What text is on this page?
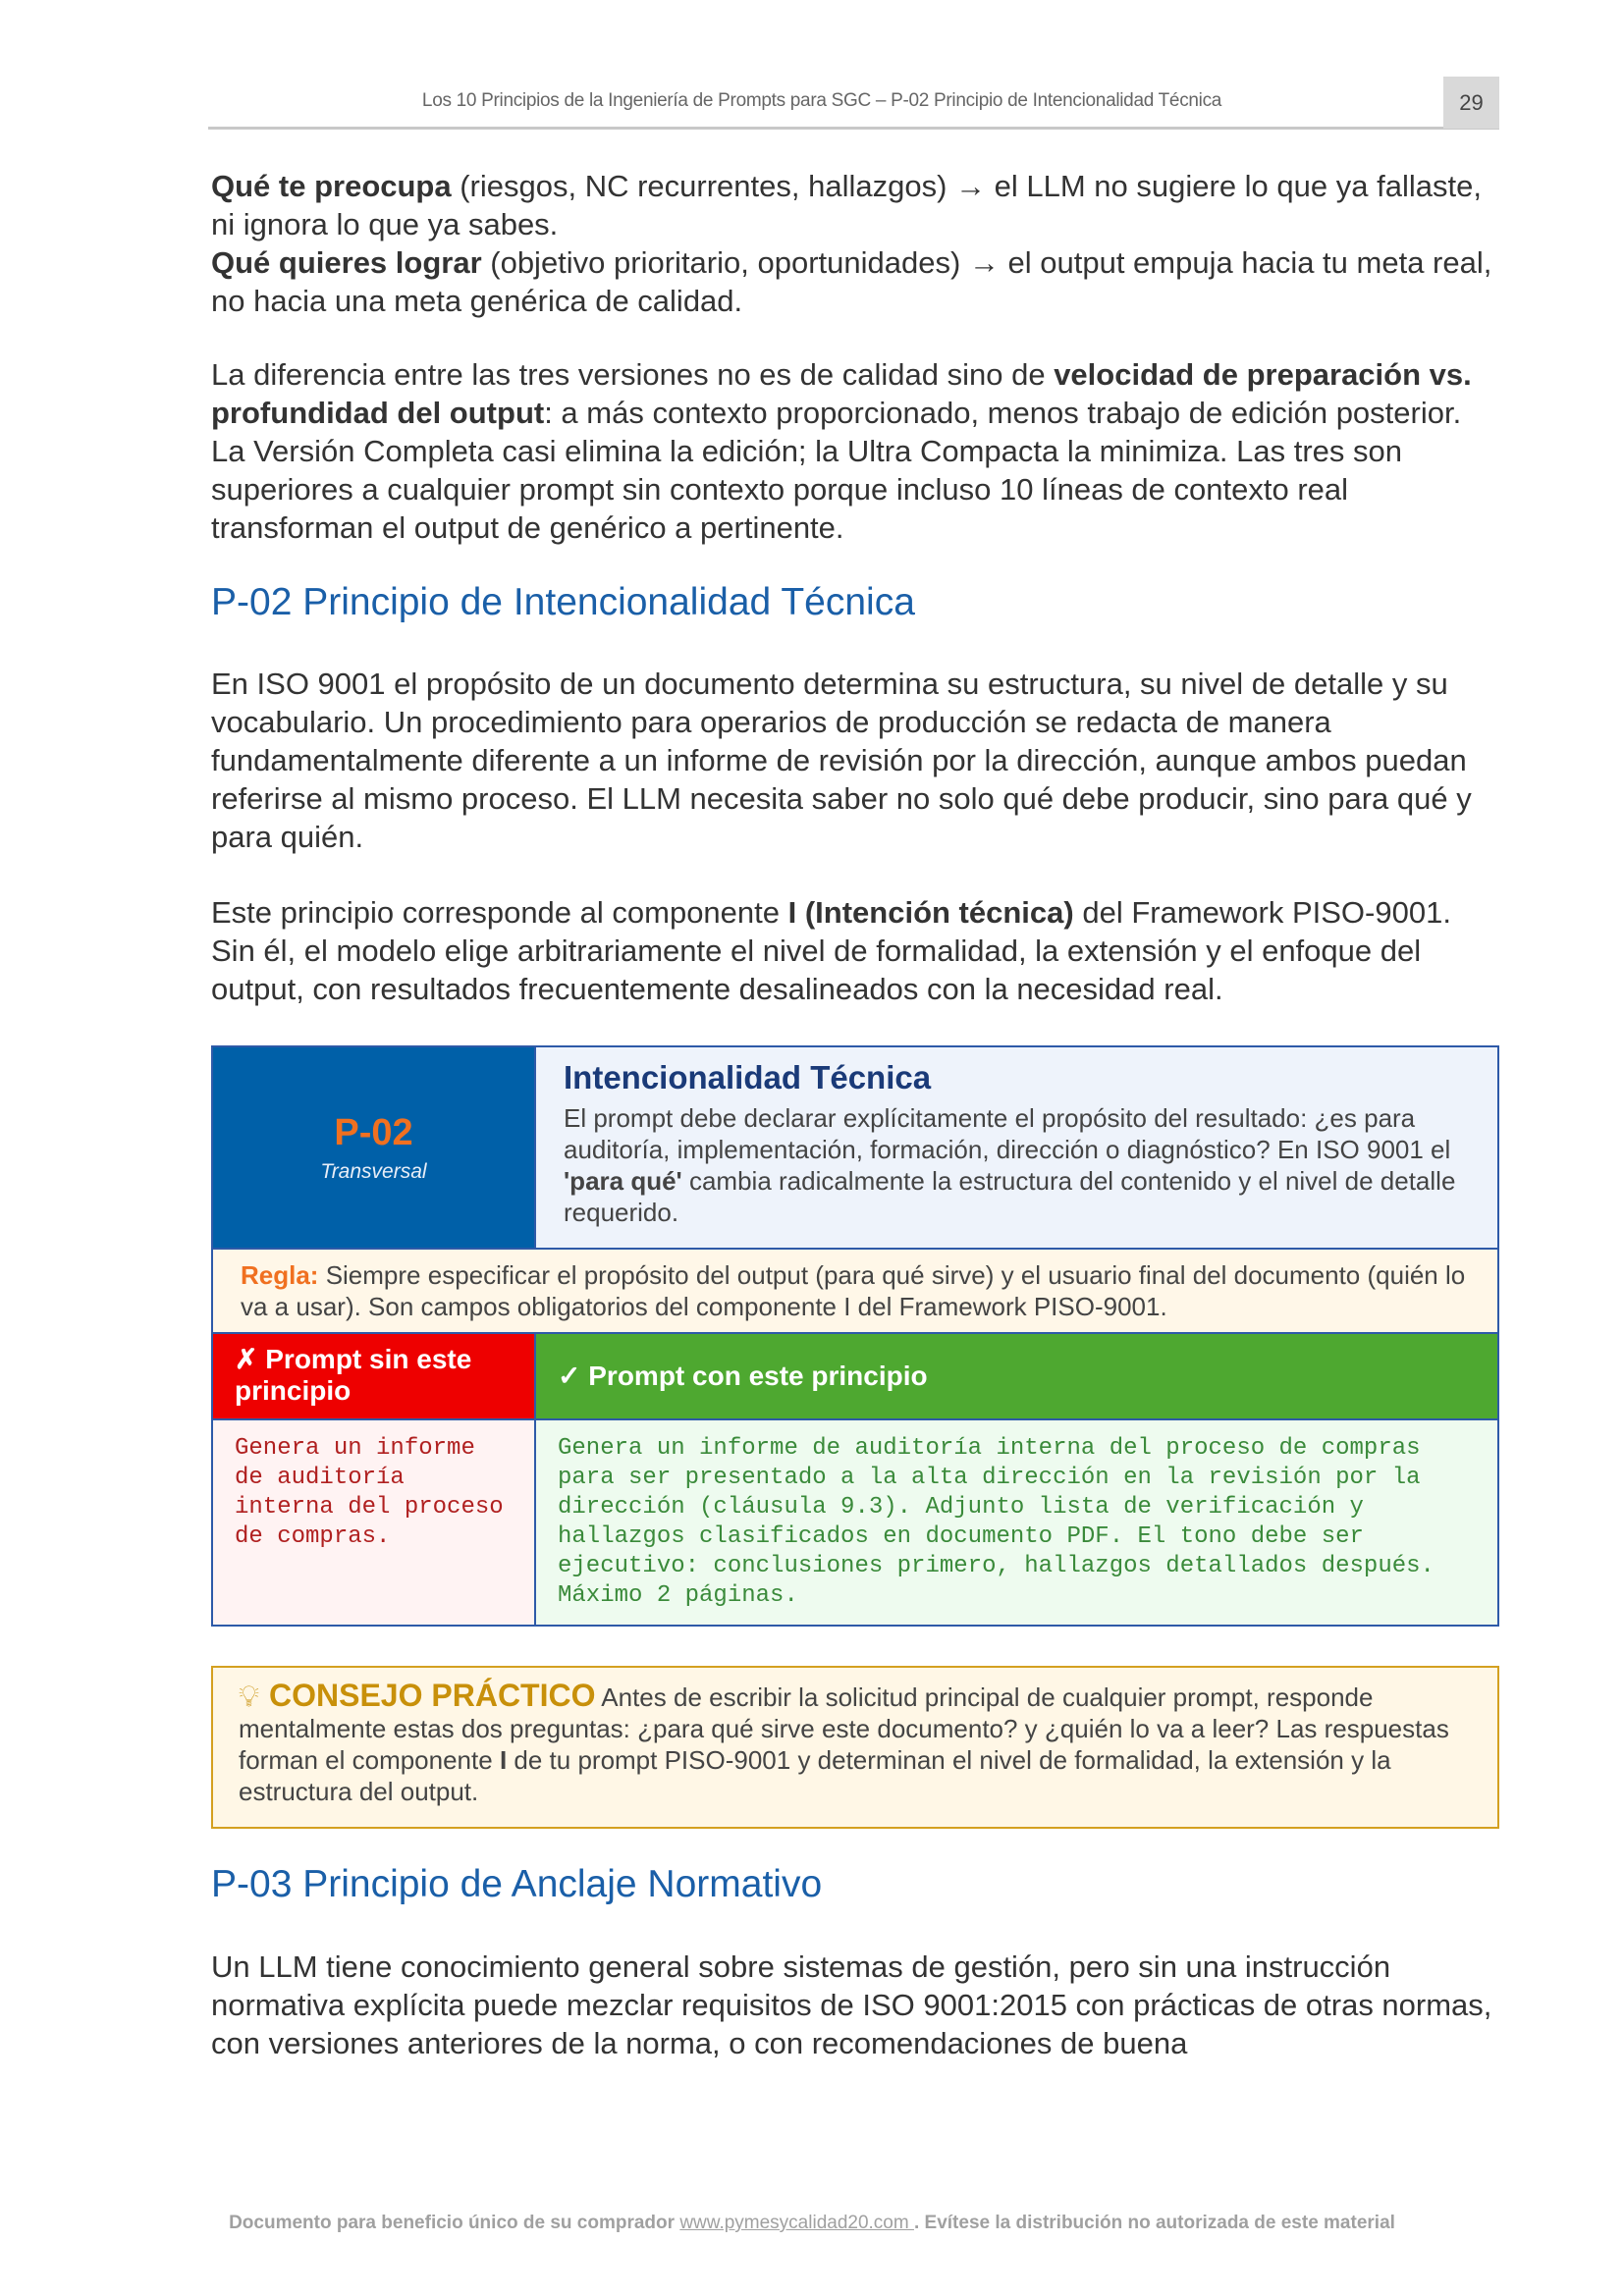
Los 10 Principios de la Ingeniería de Prompts para SGC – P-02 Principio de Intencionalidad Técnica	29
Qué te preocupa (riesgos, NC recurrentes, hallazgos) → el LLM no sugiere lo que ya fallaste, ni ignora lo que ya sabes.
Qué quieres lograr (objetivo prioritario, oportunidades) → el output empuja hacia tu meta real, no hacia una meta genérica de calidad.
La diferencia entre las tres versiones no es de calidad sino de velocidad de preparación vs. profundidad del output: a más contexto proporcionado, menos trabajo de edición posterior. La Versión Completa casi elimina la edición; la Ultra Compacta la minimiza. Las tres son superiores a cualquier prompt sin contexto porque incluso 10 líneas de contexto real transforman el output de genérico a pertinente.
P-02 Principio de Intencionalidad Técnica
En ISO 9001 el propósito de un documento determina su estructura, su nivel de detalle y su vocabulario. Un procedimiento para operarios de producción se redacta de manera fundamentalmente diferente a un informe de revisión por la dirección, aunque ambos puedan referirse al mismo proceso. El LLM necesita saber no solo qué debe producir, sino para qué y para quién.
Este principio corresponde al componente I (Intención técnica) del Framework PISO-9001. Sin él, el modelo elige arbitrariamente el nivel de formalidad, la extensión y el enfoque del output, con resultados frecuentemente desalineados con la necesidad real.
P-02
Transversal
Intencionalidad Técnica
El prompt debe declarar explícitamente el propósito del resultado: ¿es para auditoría, implementación, formación, dirección o diagnóstico? En ISO 9001 el 'para qué' cambia radicalmente la estructura del contenido y el nivel de detalle requerido.
Regla: Siempre especificar el propósito del output (para qué sirve) y el usuario final del documento (quién lo va a usar). Son campos obligatorios del componente I del Framework PISO-9001.
✗ Prompt sin este principio	✓ Prompt con este principio
Genera un informe de auditoría interna del proceso de compras.
Genera un informe de auditoría interna del proceso de compras para ser presentado a la alta dirección en la revisión por la dirección (cláusula 9.3). Adjunto lista de verificación y hallazgos clasificados en documento PDF. El tono debe ser ejecutivo: conclusiones primero, hallazgos detallados después. Máximo 2 páginas.
💡︎ CONSEJO PRÁCTICO Antes de escribir la solicitud principal de cualquier prompt, responde mentalmente estas dos preguntas: ¿para qué sirve este documento? y ¿quién lo va a leer? Las respuestas forman el componente I de tu prompt PISO-9001 y determinan el nivel de formalidad, la extensión y la estructura del output.
P-03 Principio de Anclaje Normativo
Un LLM tiene conocimiento general sobre sistemas de gestión, pero sin una instrucción normativa explícita puede mezclar requisitos de ISO 9001:2015 con prácticas de otras normas, con versiones anteriores de la norma, o con recomendaciones de buena
Documento para beneficio único de su comprador www.pymesycalidad20.com . Evítese la distribución no autorizada de este material
